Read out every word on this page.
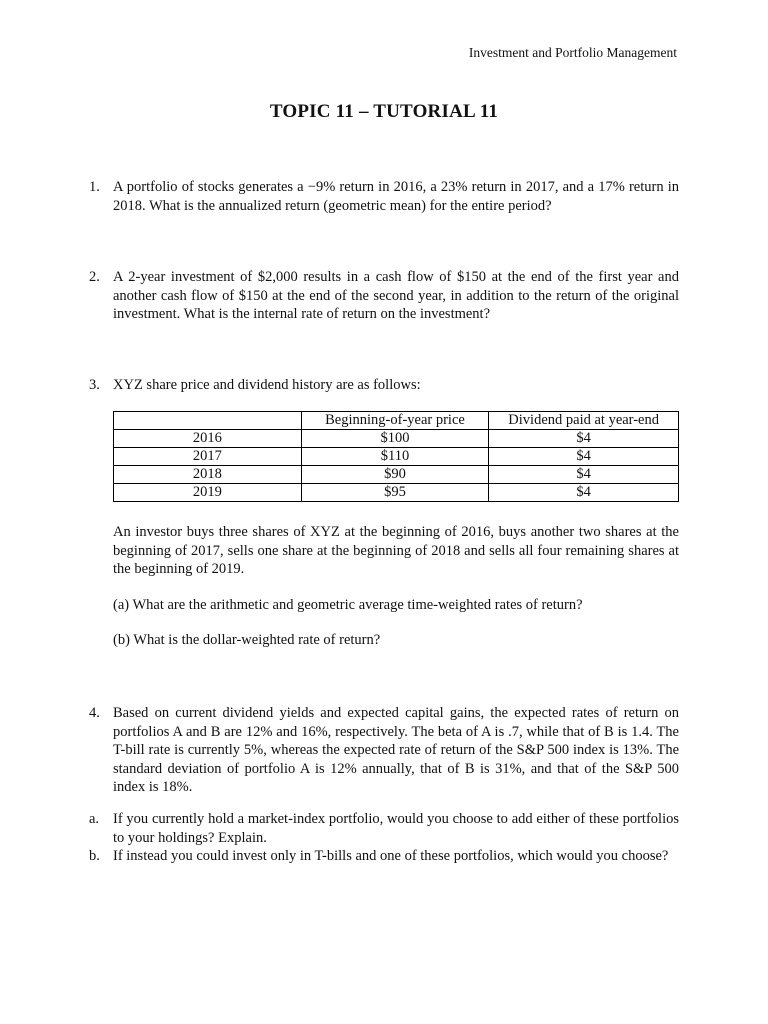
Investment and Portfolio Management
TOPIC 11 – TUTORIAL 11
1. A portfolio of stocks generates a −9% return in 2016, a 23% return in 2017, and a 17% return in 2018. What is the annualized return (geometric mean) for the entire period?
2. A 2-year investment of $2,000 results in a cash flow of $150 at the end of the first year and another cash flow of $150 at the end of the second year, in addition to the return of the original investment. What is the internal rate of return on the investment?
3. XYZ share price and dividend history are as follows:
	Beginning-of-year price	Dividend paid at year-end
2016	$100	$4
2017	$110	$4
2018	$90	$4
2019	$95	$4
An investor buys three shares of XYZ at the beginning of 2016, buys another two shares at the beginning of 2017, sells one share at the beginning of 2018 and sells all four remaining shares at the beginning of 2019.
(a) What are the arithmetic and geometric average time-weighted rates of return?
(b) What is the dollar-weighted rate of return?
4. Based on current dividend yields and expected capital gains, the expected rates of return on portfolios A and B are 12% and 16%, respectively. The beta of A is .7, while that of B is 1.4. The T-bill rate is currently 5%, whereas the expected rate of return of the S&P 500 index is 13%. The standard deviation of portfolio A is 12% annually, that of B is 31%, and that of the S&P 500 index is 18%.
a. If you currently hold a market-index portfolio, would you choose to add either of these portfolios to your holdings? Explain.
b. If instead you could invest only in T-bills and one of these portfolios, which would you choose?
